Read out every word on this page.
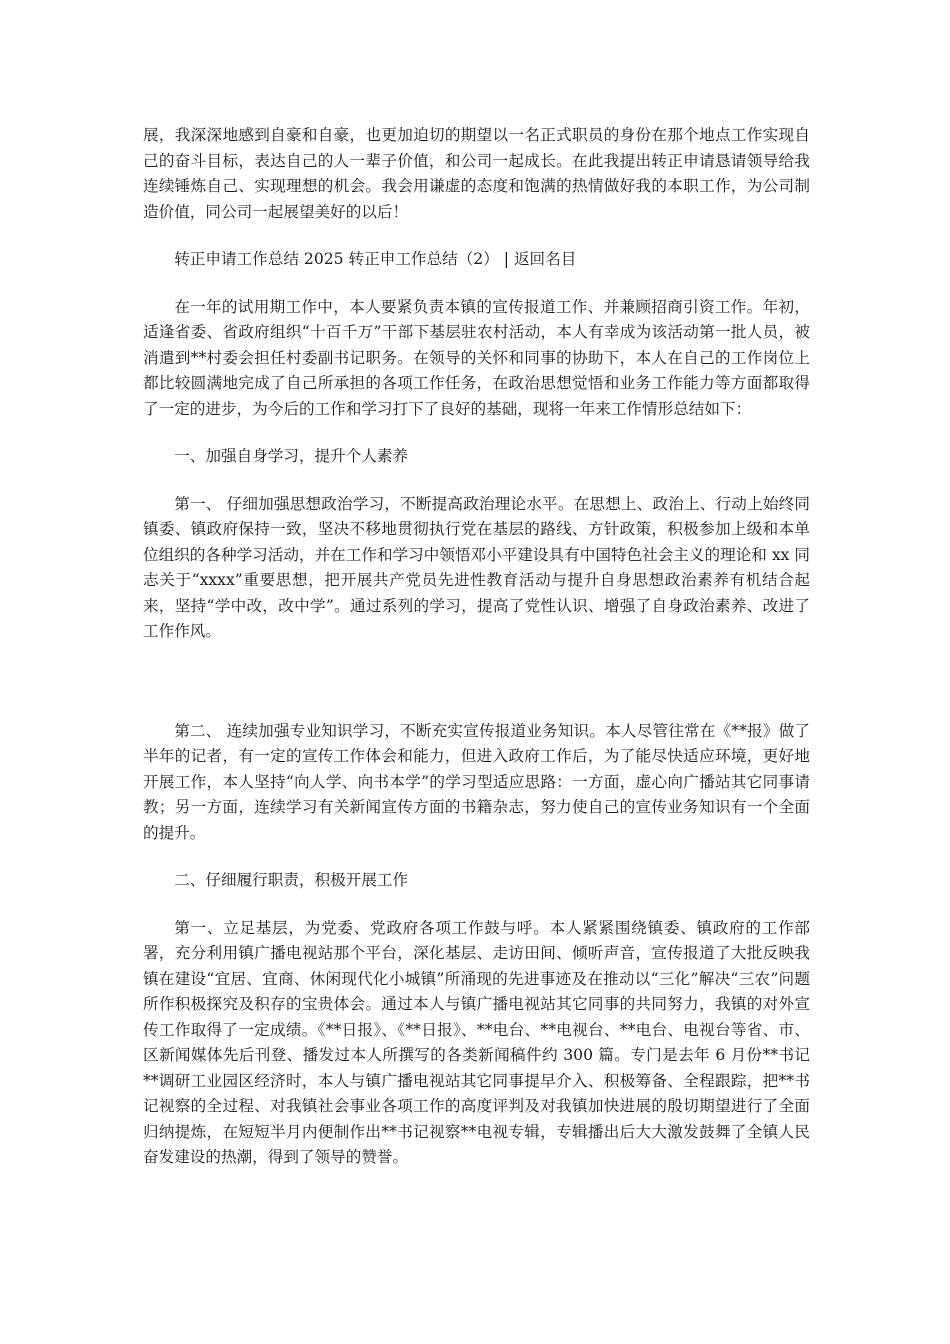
展，我深深地感到自豪和自豪，也更加迫切的期望以一名正式职员的身份在那个地点工作实现自己的奋斗目标，表达自己的人一辈子价值，和公司一起成长。在此我提出转正申请恳请领导给我连续锤炼自己、实现理想的机会。我会用谦虚的态度和饱满的热情做好我的本职工作，为公司制造价值，同公司一起展望美好的以后！

转正申请工作总结 2025 转正申工作总结（2） | 返回名目

在一年的试用期工作中，本人要紧负责本镇的宣传报道工作、并兼顾招商引资工作。年初，适逢省委、省政府组织“十百千万”干部下基层驻农村活动，本人有幸成为该活动第一批人员，被消遣到**村委会担任村委副书记职务。在领导的关怀和同事的协助下，本人在自己的工作岗位上都比较圆满地完成了自己所承担的各项工作任务，在政治思想觉悟和业务工作能力等方面都取得了一定的进步，为今后的工作和学习打下了良好的基础，现将一年来工作情形总结如下：

一、加强自身学习，提升个人素养

第一、 仔细加强思想政治学习，不断提高政治理论水平。在思想上、政治上、行动上始终同镇委、镇政府保持一致，坚决不移地贯彻执行党在基层的路线、方针政策，积极参加上级和本单位组织的各种学习活动，并在工作和学习中领悟邓小平建设具有中国特色社会主义的理论和 xx 同志关于“xxxx”重要思想，把开展共产党员先进性教育活动与提升自身思想政治素养有机结合起来，坚持“学中改，改中学”。通过系列的学习，提高了党性认识、增强了自身政治素养、改进了工作作风。

第二、 连续加强专业知识学习，不断充实宣传报道业务知识。本人尽管往常在《**报》做了半年的记者，有一定的宣传工作体会和能力，但进入政府工作后，为了能尽快适应环境，更好地开展工作，本人坚持“向人学、向书本学”的学习型适应思路：一方面，虚心向广播站其它同事请教；另一方面，连续学习有关新闻宣传方面的书籍杂志，努力使自己的宣传业务知识有一个全面的提升。

二、仔细履行职责，积极开展工作

第一、立足基层，为党委、党政府各项工作鼓与呼。本人紧紧围绕镇委、镇政府的工作部署，充分利用镇广播电视站那个平台，深化基层、走访田间、倾听声音，宣传报道了大批反映我镇在建设“宜居、宜商、休闲现代化小城镇”所涌现的先进事迹及在推动以“三化”解决“三农”问题所作积极探究及积存的宝贵体会。通过本人与镇广播电视站其它同事的共同努力，我镇的对外宣传工作取得了一定成绩。《**日报》、《**日报》、**电台、**电视台、**电台、电视台等省、市、区新闻媒体先后刊登、播发过本人所撰写的各类新闻稿件约 300 篇。专门是去年 6 月份**书记**调研工业园区经济时，本人与镇广播电视站其它同事提早介入、积极筹备、全程跟踪，把**书记视察的全过程、对我镇社会事业各项工作的高度评判及对我镇加快进展的殷切期望进行了全面归纳提炼，在短短半月内便制作出**书记视察**电视专辑，专辑播出后大大激发鼓舞了全镇人民奋发建设的热潮，得到了领导的赞誉。
